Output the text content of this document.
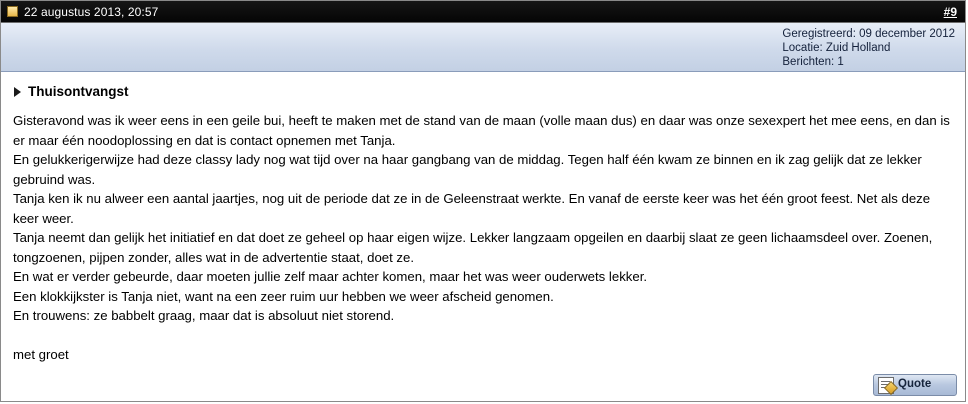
22 augustus 2013, 20:57	#9
Geregistreerd: 09 december 2012
Locatie: Zuid Holland
Berichten: 1
Thuisontvangst

Gisteravond was ik weer eens in een geile bui, heeft te maken met de stand van de maan (volle maan dus) en daar was onze sexexpert het mee eens, en dan is er maar één noodoplossing en dat is contact opnemen met Tanja.

En gelukkerigerwijze had deze classy lady nog wat tijd over na haar gangbang van de middag. Tegen half één kwam ze binnen en ik zag gelijk dat ze lekker gebruind was.

Tanja ken ik nu alweer een aantal jaartjes, nog uit de periode dat ze in de Geleenstraat werkte. En vanaf de eerste keer was het één groot feest. Net als deze keer weer.

Tanja neemt dan gelijk het initiatief en dat doet ze geheel op haar eigen wijze. Lekker langzaam opgeilen en daarbij slaat ze geen lichaamsdeel over. Zoenen, tongzoenen, pijpen zonder, alles wat in de advertentie staat, doet ze.

En wat er verder gebeurde, daar moeten jullie zelf maar achter komen, maar het was weer ouderwets lekker.

Een klokkijkster is Tanja niet, want na een zeer ruim uur hebben we weer afscheid genomen.

En trouwens: ze babbelt graag, maar dat is absoluut niet storend.

met groet
Quote
